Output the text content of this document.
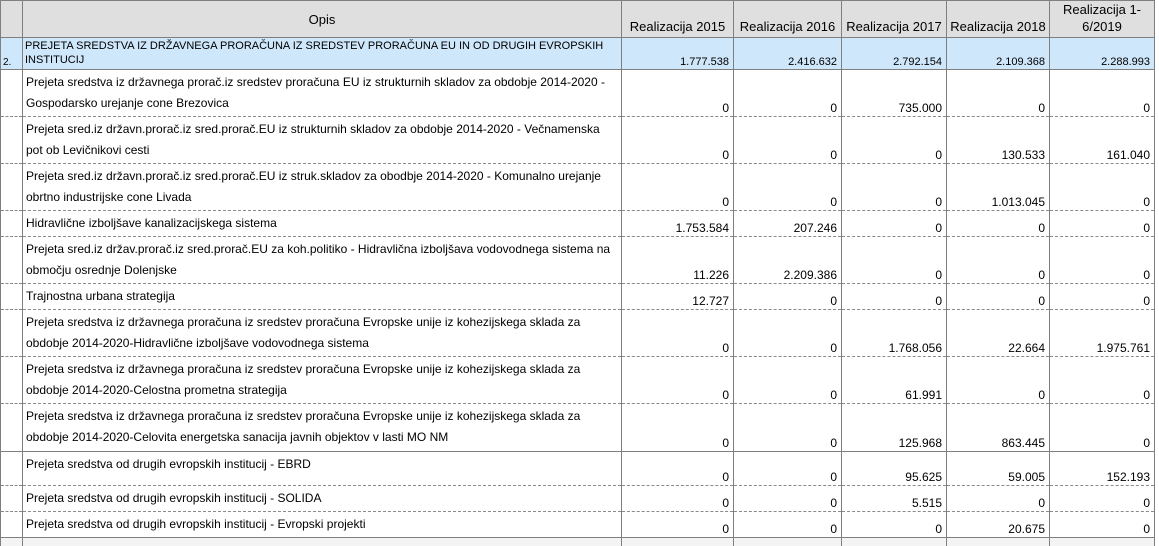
	Opis	Realizacija 2015	Realizacija 2016	Realizacija 2017	Realizacija 2018	Realizacija 1-6/2019
2.	PREJETA SREDSTVA IZ DRŽAVNEGA PRORAČUNA IZ SREDSTEV PRORAČUNA EU IN OD DRUGIH EVROPSKIH INSTITUCIJ	1.777.538	2.416.632	2.792.154	2.109.368	2.288.993
	Prejeta sredstva iz državnega prorač.iz sredstev proračuna EU iz strukturnih skladov za obdobje 2014-2020 - Gospodarsko urejanje cone Brezovica	0	0	735.000	0	0
	Prejeta sred.iz državn.prorač.iz sred.prorač.EU iz strukturnih skladov za obdobje 2014-2020 - Večnamenska pot ob Levičnikovi cesti	0	0	0	130.533	161.040
	Prejeta sred.iz državn.prorač.iz sred.prorač.EU iz struk.skladov za obodbje 2014-2020 - Komunalno urejanje obrtno industrijske cone Livada	0	0	0	1.013.045	0
	Hidravlične izboljšave kanalizacijskega sistema	1.753.584	207.246	0	0	0
	Prejeta sred.iz držav.prorač.iz sred.prorač.EU za koh.politiko - Hidravlična izboljšava vodovodnega sistema na območju osrednje Dolenjske	11.226	2.209.386	0	0	0
	Trajnostna urbana strategija	12.727	0	0	0	0
	Prejeta sredstva iz državnega proračuna iz sredstev proračuna Evropske unije iz kohezijskega sklada za obdobje 2014-2020-Hidravlične izboljšave vodovodnega sistema	0	0	1.768.056	22.664	1.975.761
	Prejeta sredstva iz državnega proračuna iz sredstev proračuna Evropske unije iz kohezijskega sklada za obdobje 2014-2020-Celostna prometna strategija	0	0	61.991	0	0
	Prejeta sredstva iz državnega proračuna iz sredstev proračuna Evropske unije iz kohezijskega sklada za obdobje 2014-2020-Celovita energetska sanacija javnih objektov v lasti MO NM	0	0	125.968	863.445	0
	Prejeta sredstva od drugih evropskih institucij - EBRD	0	0	95.625	59.005	152.193
	Prejeta sredstva od drugih evropskih institucij - SOLIDA	0	0	5.515	0	0
	Prejeta sredstva od drugih evropskih institucij - Evropski projekti	0	0	0	20.675	0
